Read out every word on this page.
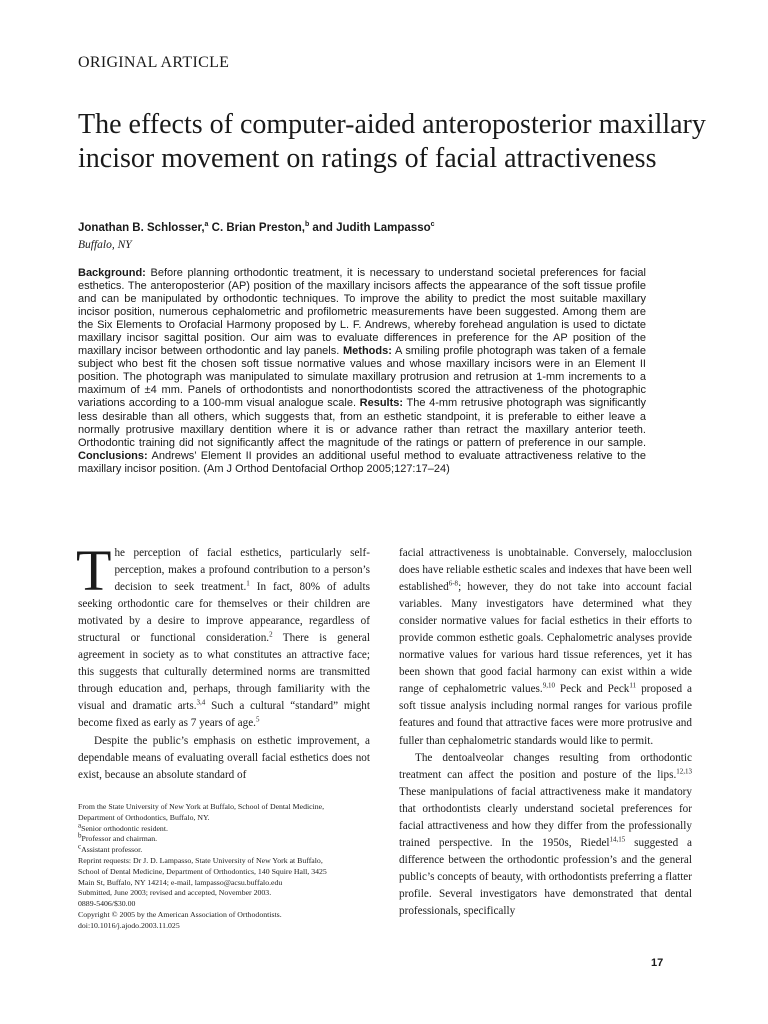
ORIGINAL ARTICLE
The effects of computer-aided anteroposterior maxillary incisor movement on ratings of facial attractiveness
Jonathan B. Schlosser,$^a$ C. Brian Preston,$^b$ and Judith Lampasso$^c$
Buffalo, NY

Background: Before planning orthodontic treatment, it is necessary to understand societal preferences for facial esthetics. The anteroposterior (AP) position of the maxillary incisors affects the appearance of the soft tissue profile and can be manipulated by orthodontic techniques. To improve the ability to predict the most suitable maxillary incisor position, numerous cephalometric and profilometric measurements have been suggested. Among them are the Six Elements to Orofacial Harmony proposed by L. F. Andrews, whereby forehead angulation is used to dictate maxillary incisor sagittal position. Our aim was to evaluate differences in preference for the AP position of the maxillary incisor between orthodontic and lay panels. Methods: A smiling profile photograph was taken of a female subject who best fit the chosen soft tissue normative values and whose maxillary incisors were in an Element II position. The photograph was manipulated to simulate maxillary protrusion and retrusion at 1-mm increments to a maximum of ±4 mm. Panels of orthodontists and nonorthodontists scored the attractiveness of the photographic variations according to a 100-mm visual analogue scale. Results: The 4-mm retrusive photograph was significantly less desirable than all others, which suggests that, from an esthetic standpoint, it is preferable to either leave a normally protrusive maxillary dentition where it is or advance rather than retract the maxillary anterior teeth. Orthodontic training did not significantly affect the magnitude of the ratings or pattern of preference in our sample. Conclusions: Andrews’ Element II provides an additional useful method to evaluate attractiveness relative to the maxillary incisor position. (Am J Orthod Dentofacial Orthop 2005;127:17–24)

The perception of facial esthetics, particularly self-perception, makes a profound contribution to a person’s decision to seek treatment.$^1$ In fact, 80% of adults seeking orthodontic care for themselves or their children are motivated by a desire to improve appearance, regardless of structural or functional consideration.$^2$ There is general agreement in society as to what constitutes an attractive face; this suggests that culturally determined norms are transmitted through education and, perhaps, through familiarity with the visual and dramatic arts.$^{3,4}$ Such a cultural “standard” might become fixed as early as 7 years of age.$^5$

Despite the public’s emphasis on esthetic improvement, a dependable means of evaluating overall facial esthetics does not exist, because an absolute standard of

facial attractiveness is unobtainable. Conversely, malocclusion does have reliable esthetic scales and indexes that have been well established$^{6-8}$; however, they do not take into account facial variables. Many investigators have determined what they consider normative values for facial esthetics in their efforts to provide common esthetic goals. Cephalometric analyses provide normative values for various hard tissue references, yet it has been shown that good facial harmony can exist within a wide range of cephalometric values.$^{9,10}$ Peck and Peck$^{11}$ proposed a soft tissue analysis including normal ranges for various profile features and found that attractive faces were more protrusive and fuller than cephalometric standards would like to permit.

The dentoalveolar changes resulting from orthodontic treatment can affect the position and posture of the lips.$^{12,13}$ These manipulations of facial attractiveness make it mandatory that orthodontists clearly understand societal preferences for facial attractiveness and how they differ from the professionally trained perspective. In the 1950s, Riedel$^{14,15}$ suggested a difference between the orthodontic profession’s and the general public’s concepts of beauty, with orthodontists preferring a flatter profile. Several investigators have demonstrated that dental professionals, specifically

From the State University of New York at Buffalo, School of Dental Medicine,
Department of Orthodontics, Buffalo, NY.
$^a$Senior orthodontic resident.
$^b$Professor and chairman.
$^c$Assistant professor.
Reprint requests: Dr J. D. Lampasso, State University of New York at Buffalo,
School of Dental Medicine, Department of Orthodontics, 140 Squire Hall, 3425
Main St, Buffalo, NY 14214; e-mail, lampasso@acsu.buffalo.edu
Submitted, June 2003; revised and accepted, November 2003.
0889-5406/$30.00
Copyright © 2005 by the American Association of Orthodontists.
doi:10.1016/j.ajodo.2003.11.025
17
